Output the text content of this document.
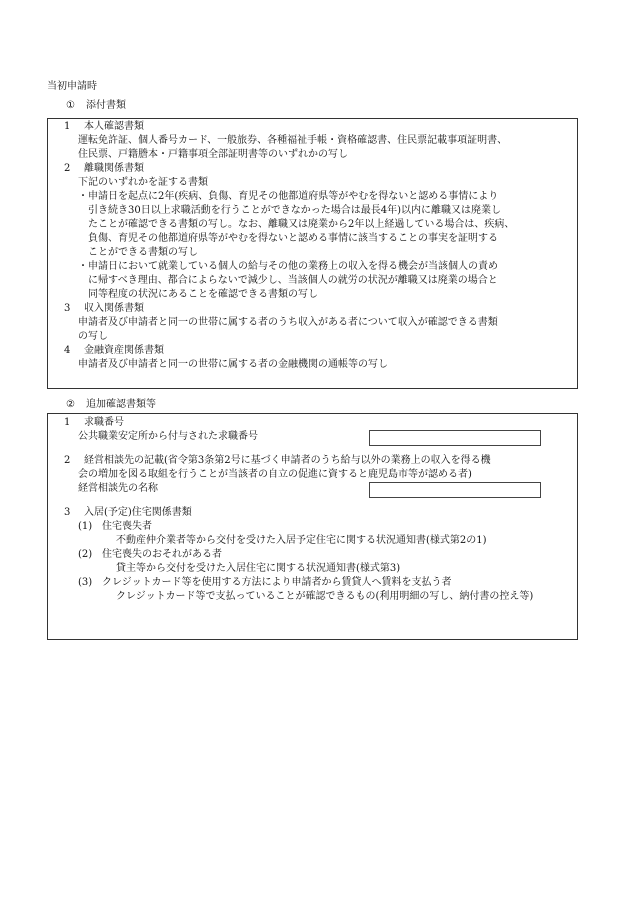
当初申請時
① 添付書類
1 本人確認書類
運転免許証、個人番号カード、一般旅券、各種福祉手帳・資格確認書、住民票記載事項証明書、
住民票、戸籍謄本・戸籍事項全部証明書等のいずれかの写し
2 離職関係書類
下記のいずれかを証する書類
・ 申請日を起点に2年(疾病、負傷、育児その他都道府県等がやむを得ないと認める事情により
引き続き30日以上求職活動を行うことができなかった場合は最長4年)以内に離職又は廃業し
たことが確認できる書類の写し。なお、離職又は廃業から2年以上経過している場合は、疾病、
負傷、育児その他都道府県等がやむを得ないと認める事情に該当することの事実を証明する
ことができる書類の写し
・ 申請日において就業している個人の給与その他の業務上の収入を得る機会が当該個人の責め
に帰すべき理由、都合によらないで減少し、当該個人の就労の状況が離職又は廃業の場合と
同等程度の状況にあることを確認できる書類の写し
3 収入関係書類
申請者及び申請者と同一の世帯に属する者のうち収入がある者について収入が確認できる書類
の写し
4 金融資産関係書類
申請者及び申請者と同一の世帯に属する者の金融機関の通帳等の写し
② 追加確認書類等
1 求職番号
公共職業安定所から付与された求職番号
2 経営相談先の記載(省令第3条第2号に基づく申請者のうち給与以外の業務上の収入を得る機
会の増加を図る取組を行うことが当該者の自立の促進に資すると鹿児島市等が認める者)
経営相談先の名称
3 入居(予定)住宅関係書類
(1) 住宅喪失者
不動産仲介業者等から交付を受けた入居予定住宅に関する状況通知書(様式第2の1)
(2) 住宅喪失のおそれがある者
貸主等から交付を受けた入居住宅に関する状況通知書(様式第3)
(3) クレジットカード等を使用する方法により申請者から賃貸人へ賃料を支払う者
クレジットカード等で支払っていることが確認できるもの(利用明細の写し、納付書の控え等)
